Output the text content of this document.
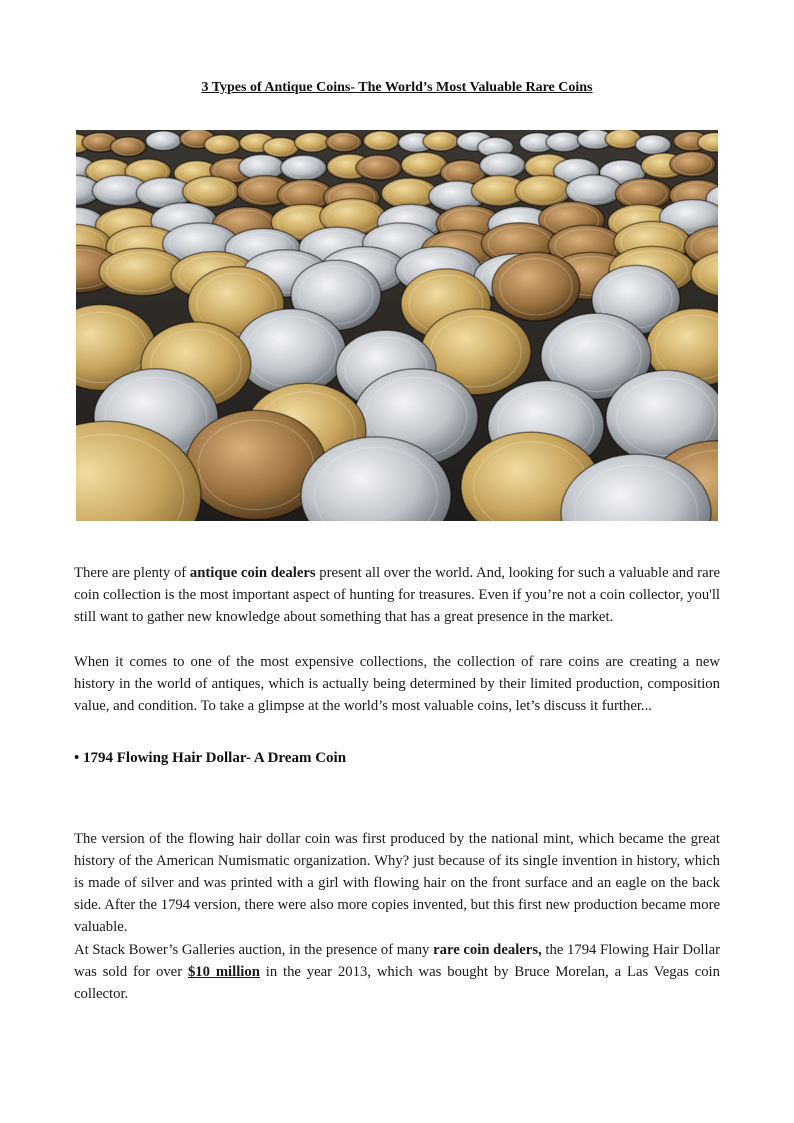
3 Types of Antique Coins- The World’s Most Valuable Rare Coins

There are plenty of antique coin dealers present all over the world. And, looking for such a valuable and rare coin collection is the most important aspect of hunting for treasures. Even if you’re not a coin collector, you'll still want to gather new knowledge about something that has a great presence in the market.

When it comes to one of the most expensive collections, the collection of rare coins are creating a new history in the world of antiques, which is actually being determined by their limited production, composition value, and condition. To take a glimpse at the world’s most valuable coins, let’s discuss it further...

• 1794 Flowing Hair Dollar- A Dream Coin

The version of the flowing hair dollar coin was first produced by the national mint, which became the great history of the American Numismatic organization. Why? just because of its single invention in history, which is made of silver and was printed with a girl with flowing hair on the front surface and an eagle on the back side. After the 1794 version, there were also more copies invented, but this first new production became more valuable.

At Stack Bower’s Galleries auction, in the presence of many rare coin dealers, the 1794 Flowing Hair Dollar was sold for over $10 million in the year 2013, which was bought by Bruce Morelan, a Las Vegas coin collector.
